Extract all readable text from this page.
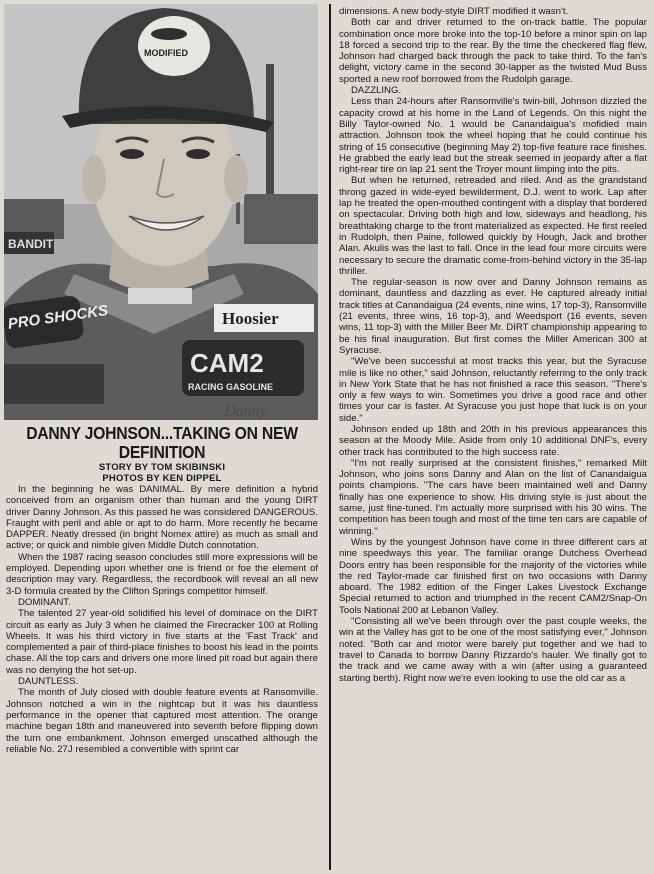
BANDIT
MODIFIED
PRO SHOCKS	Hoosier
CAM2
RACING GASOLINE
Danny
DANNY JOHNSON...TAKING ON NEW DEFINITION

STORY BY TOM SKIBINSKI

PHOTOS BY KEN DIPPEL

In the beginning he was DANIMAL. By mere definition a hybrid conceived from an organism other than human and the young DIRT driver Danny Johnson. As this passed he was considered DANGEROUS. Fraught with peril and able or apt to do harm. More recently he became DAPPER. Neatly dressed (in bright Nomex attire) as much as small and active; or quick and nimble given Middle Dutch connotation.

When the 1987 racing season concludes still more expressions will be employed. Depending upon whether one is friend or foe the element of description may vary. Regardless, the recordbook will reveal an all new 3-D formula created by the Clifton Springs competitor himself.

DOMINANT.

The talented 27 year-old solidified his level of dominace on the DIRT circuit as early as July 3 when he claimed the Firecracker 100 at Rolling Wheels. It was his third victory in five starts at the 'Fast Track' and complemented a pair of third-place finishes to boost his lead in the points chase. All the top cars and drivers one more lined pit road but again there was no denying the hot set-up.

DAUNTLESS.

The month of July closed with double feature events at Ransomville. Johnson notched a win in the nightcap but it was his dauntless performance in the opener that captured most attention. The orange machine began 18th and maneuvered into seventh before flipping down the turn one embankment. Johnson emerged unscathed although the reliable No. 27J resembled a convertible with sprint car

dimensions. A new body-style DIRT modified it wasn't.

Both car and driver returned to the on-track battle. The popular combination once more broke into the top-10 before a minor spin on lap 18 forced a second trip to the rear. By the time the checkered flag flew, Johnson had charged back through the pack to take third. To the fan's delight, victory came in the second 30-lapper as the twisted Mud Buss sported a new roof borrowed from the Rudolph garage.

DAZZLING.

Less than 24-hours after Ransomville's twin-bill, Johnson dizzled the capacity crowd at his home in the Land of Legends. On this night the Billy Taylor-owned No. 1 would be Canandaigua's mofidied main attraction. Johnson took the wheel hoping that he could continue his string of 15 consecutive (beginning May 2) top-five feature race finishes. He grabbed the early lead but the streak seemed in jeopardy after a flat right-rear tire on lap 21 sent the Troyer mount limping into the pits.

But when he returned, retreaded and riled. And as the grandstand throng gazed in wide-eyed bewilderment, D.J. went to work. Lap after lap he treated the open-mouthed contingent with a display that bordered on spectacular. Driving both high and low, sideways and headlong, his breathtaking charge to the front materialized as expected. He first reeled in Rudolph, then Paine, followed quickly by Hough, Jack and brother Alan. Akulis was the last to fall. Once in the lead four more circuits were necessary to secure the dramatic come-from-behind victory in the 35-lap thriller.

The regular-season is now over and Danny Johnson remains as dominant, dauntless and dazzling as ever. He captured already initial track titles at Canandaigua (24 events, nine wins, 17 top-3), Ransomville (21 events, three wins, 16 top-3), and Weedsport (16 events, seven wins, 11 top-3) with the Miller Beer Mr. DIRT championship appearing to be his final inauguration. But first comes the Miller American 300 at Syracuse.

"We've been successful at most tracks this year, but the Syracuse mile is like no other," said Johnson, reluctantly referring to the only track in New York State that he has not finished a race this season. "There's only a few ways to win. Sometimes you drive a good race and other times your car is faster. At Syracuse you just hope that luck is on your side."

Johnson ended up 18th and 20th in his previous appearances this season at the Moody Mile. Aside from only 10 additional DNF's, every other track has contributed to the high success rate.

"I'm not really surprised at the consistent finishes," remarked Milt Johnson, who joins sons Danny and Alan on the list of Canandaigua points champions. "The cars have been maintained well and Danny finally has one experience to show. His driving style is just about the same, just fine-tuned. I'm actually more surprised with his 30 wins. The competition has been tough and most of the time ten cars are capable of winning."

Wins by the youngest Johnson have come in three different cars at nine speedways this year. The familiar orange Dutchess Overhead Doors entry has been responsible for the majority of the victories while the red Taylor-made car finished first on two occasions with Danny aboard. The 1982 edition of the Finger Lakes Livestock Exchange Special returned to action and triumphed in the recent CAM2/Snap-On Tools National 200 at Lebanon Valley.

"Consisting all we've been through over the past couple weeks, the win at the Valley has got to be one of the most satisfying ever," Johnson noted. "Both car and motor were barely put together and we had to travel to Canada to borrow Danny Rizzardo's hauler. We finally got to the track and we came away with a win (after using a guaranteed starting berth). Right now we're even looking to use the old car as a
